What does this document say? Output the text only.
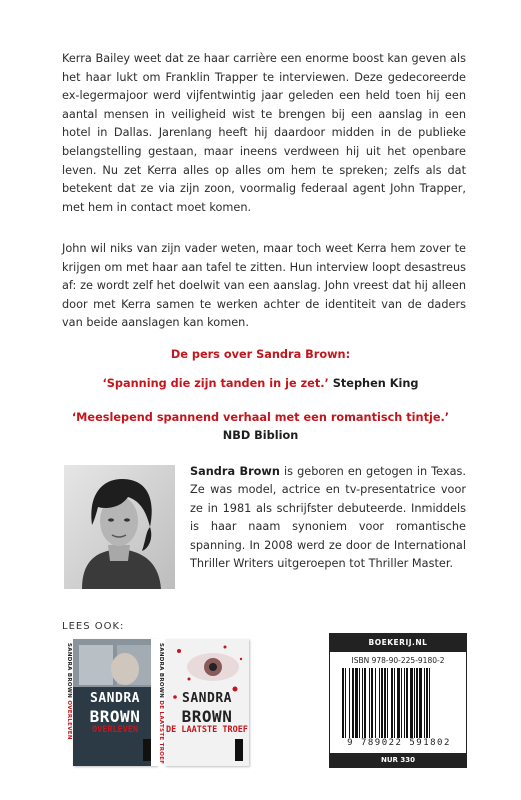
Kerra Bailey weet dat ze haar carrière een enorme boost kan geven als het haar lukt om Franklin Trapper te interviewen. Deze gedecoreerde ex-legermajoor werd vijfentwintig jaar geleden een held toen hij een aantal mensen in veiligheid wist te brengen bij een aanslag in een hotel in Dallas. Jarenlang heeft hij daardoor midden in de publieke belangstelling gestaan, maar ineens verdween hij uit het openbare leven. Nu zet Kerra alles op alles om hem te spreken; zelfs als dat betekent dat ze via zijn zoon, voormalig federaal agent John Trapper, met hem in contact moet komen.

John wil niks van zijn vader weten, maar toch weet Kerra hem zover te krijgen om met haar aan tafel te zitten. Hun interview loopt desastreus af: ze wordt zelf het doelwit van een aanslag. John vreest dat hij alleen door met Kerra samen te werken achter de identiteit van de daders van beide aanslagen kan komen.

De pers over Sandra Brown:
‘Spanning die zijn tanden in je zet.’ Stephen King
‘Meeslepend spannend verhaal met een romantisch tintje.’
NBD Biblion

Sandra Brown is geboren en getogen in Texas. Ze was model, actrice en tv-presentatrice voor ze in 1981 als schrijfster debuteerde. Inmiddels is haar naam synoniem voor romantische spanning. In 2008 werd ze door de International Thriller Writers uitgeroepen tot Thriller Master.

LEES OOK:
SANDRA BROWN OVERLEVEN
SANDRA
BROWN
OVERLEVEN
SANDRA BROWN DE LAATSTE TROEF
SANDRA
BROWN
DE LAATSTE TROEF
BOEKERIJ.NL
ISBN 978-90-225-9180-2
9 789022 591802
NUR 330
